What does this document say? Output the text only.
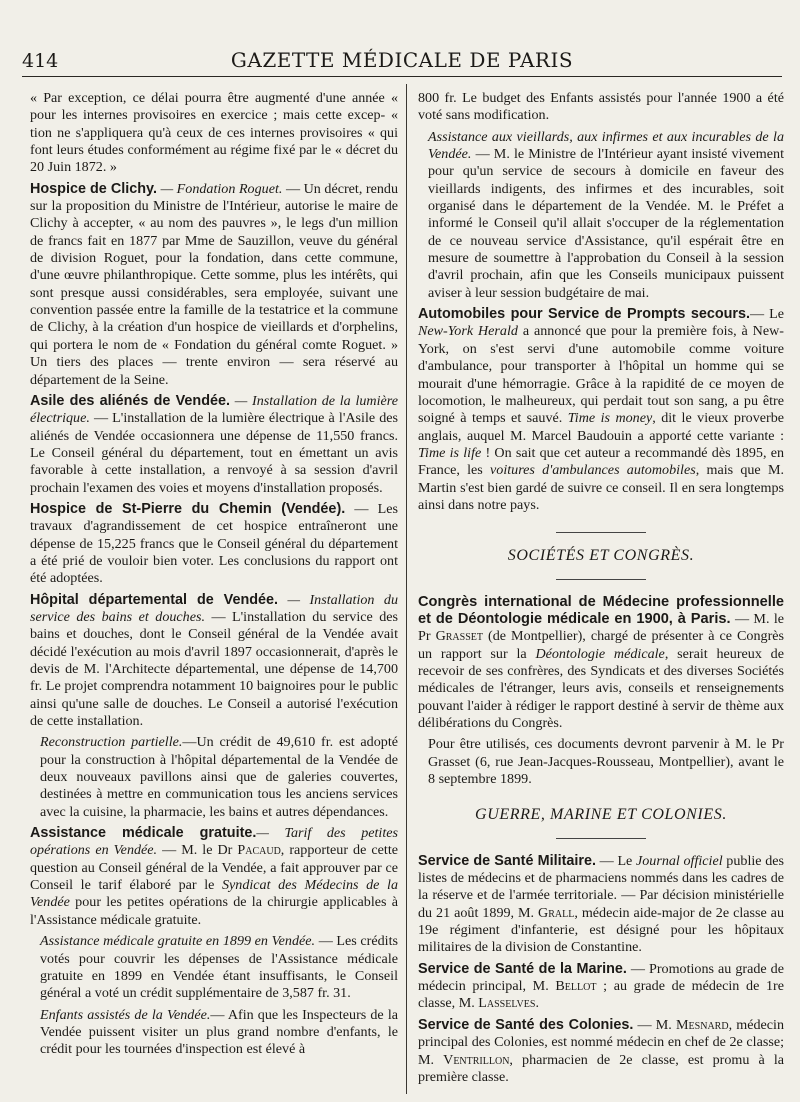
414	GAZETTE MÉDICALE DE PARIS

« Par exception, ce délai pourra être augmenté d'une année « pour les internes provisoires en exercice ; mais cette excep- « tion ne s'appliquera qu'à ceux de ces internes provisoires « qui font leurs études conformément au régime fixé par le « décret du 20 Juin 1872. »

Hospice de Clichy. — Fondation Roguet. — Un décret, rendu sur la proposition du Ministre de l'Intérieur, autorise le maire de Clichy à accepter, « au nom des pauvres », le legs d'un million de francs fait en 1877 par Mme de Sauzillon, veuve du général de division Roguet, pour la fondation, dans cette commune, d'une œuvre philanthropique. Cette somme, plus les intérêts, qui sont presque aussi considérables, sera employée, suivant une convention passée entre la famille de la testatrice et la commune de Clichy, à la création d'un hospice de vieillards et d'orphelins, qui portera le nom de « Fondation du général comte Roguet. » Un tiers des places — trente environ — sera réservé au département de la Seine.

Asile des aliénés de Vendée. — Installation de la lumière électrique. — L'installation de la lumière électrique à l'Asile des aliénés de Vendée occasionnera une dépense de 11,550 francs. Le Conseil général du département, tout en émettant un avis favorable à cette installation, a renvoyé à sa session d'avril prochain l'examen des voies et moyens d'installation proposés.

Hospice de St-Pierre du Chemin (Vendée). — Les travaux d'agrandissement de cet hospice entraîneront une dépense de 15,225 francs que le Conseil général du département a été prié de vouloir bien voter. Les conclusions du rapport ont été adoptées.

Hôpital départemental de Vendée. — Installation du service des bains et douches. — L'installation du service des bains et douches, dont le Conseil général de la Vendée avait décidé l'exécution au mois d'avril 1897 occasionnerait, d'après le devis de M. l'Architecte départemental, une dépense de 14,700 fr. Le projet comprendra notamment 10 baignoires pour le public ainsi qu'une salle de douches. Le Conseil a autorisé l'exécution de cette installation.

Reconstruction partielle.—Un crédit de 49,610 fr. est adopté pour la construction à l'hôpital départemental de la Vendée de deux nouveaux pavillons ainsi que de galeries couvertes, destinées à mettre en communication tous les anciens services avec la cuisine, la pharmacie, les bains et autres dépendances.

Assistance médicale gratuite.— Tarif des petites opérations en Vendée. — M. le Dr Pacaud, rapporteur de cette question au Conseil général de la Vendée, a fait approuver par ce Conseil le tarif élaboré par le Syndicat des Médecins de la Vendée pour les petites opérations de la chirurgie applicables à l'Assistance médicale gratuite.

Assistance médicale gratuite en 1899 en Vendée. — Les crédits votés pour couvrir les dépenses de l'Assistance médicale gratuite en 1899 en Vendée étant insuffisants, le Conseil général a voté un crédit supplémentaire de 3,587 fr. 31.

Enfants assistés de la Vendée.— Afin que les Inspecteurs de la Vendée puissent visiter un plus grand nombre d'enfants, le crédit pour les tournées d'inspection est élevé à

800 fr. Le budget des Enfants assistés pour l'année 1900 a été voté sans modification.

Assistance aux vieillards, aux infirmes et aux incurables de la Vendée. — M. le Ministre de l'Intérieur ayant insisté vivement pour qu'un service de secours à domicile en faveur des vieillards indigents, des infirmes et des incurables, soit organisé dans le département de la Vendée. M. le Préfet a informé le Conseil qu'il allait s'occuper de la réglementation de ce nouveau service d'Assistance, qu'il espérait être en mesure de soumettre à l'approbation du Conseil à la session d'avril prochain, afin que les Conseils municipaux puissent aviser à leur session budgétaire de mai.

Automobiles pour Service de Prompts secours.— Le New-York Herald a annoncé que pour la première fois, à New-York, on s'est servi d'une automobile comme voiture d'ambulance, pour transporter à l'hôpital un homme qui se mourait d'une hémorragie. Grâce à la rapidité de ce moyen de locomotion, le malheureux, qui perdait tout son sang, a pu être soigné à temps et sauvé. Time is money, dit le vieux proverbe anglais, auquel M. Marcel Baudouin a apporté cette variante : Time is life ! On sait que cet auteur a recommandé dès 1895, en France, les voitures d'ambulances automobiles, mais que M. Martin s'est bien gardé de suivre ce conseil. Il en sera longtemps ainsi dans notre pays.

SOCIÉTÉS ET CONGRÈS.

Congrès international de Médecine professionnelle et de Déontologie médicale en 1900, à Paris. — M. le Pr Grasset (de Montpellier), chargé de présenter à ce Congrès un rapport sur la Déontologie médicale, serait heureux de recevoir de ses confrères, des Syndicats et des diverses Sociétés médicales de l'étranger, leurs avis, conseils et renseignements pouvant l'aider à rédiger le rapport destiné à servir de thème aux délibérations du Congrès.

Pour être utilisés, ces documents devront parvenir à M. le Pr Grasset (6, rue Jean-Jacques-Rousseau, Montpellier), avant le 8 septembre 1899.

GUERRE, MARINE ET COLONIES.

Service de Santé Militaire. — Le Journal officiel publie des listes de médecins et de pharmaciens nommés dans les cadres de la réserve et de l'armée territoriale. — Par décision ministérielle du 21 août 1899, M. Grall, médecin aide-major de 2e classe au 19e régiment d'infanterie, est désigné pour les hôpitaux militaires de la division de Constantine.

Service de Santé de la Marine. — Promotions au grade de médecin principal, M. Bellot ; au grade de médecin de 1re classe, M. Lasselves.

Service de Santé des Colonies. — M. Mesnard, médecin principal des Colonies, est nommé médecin en chef de 2e classe; M. Ventrillon, pharmacien de 2e classe, est promu à la première classe.
